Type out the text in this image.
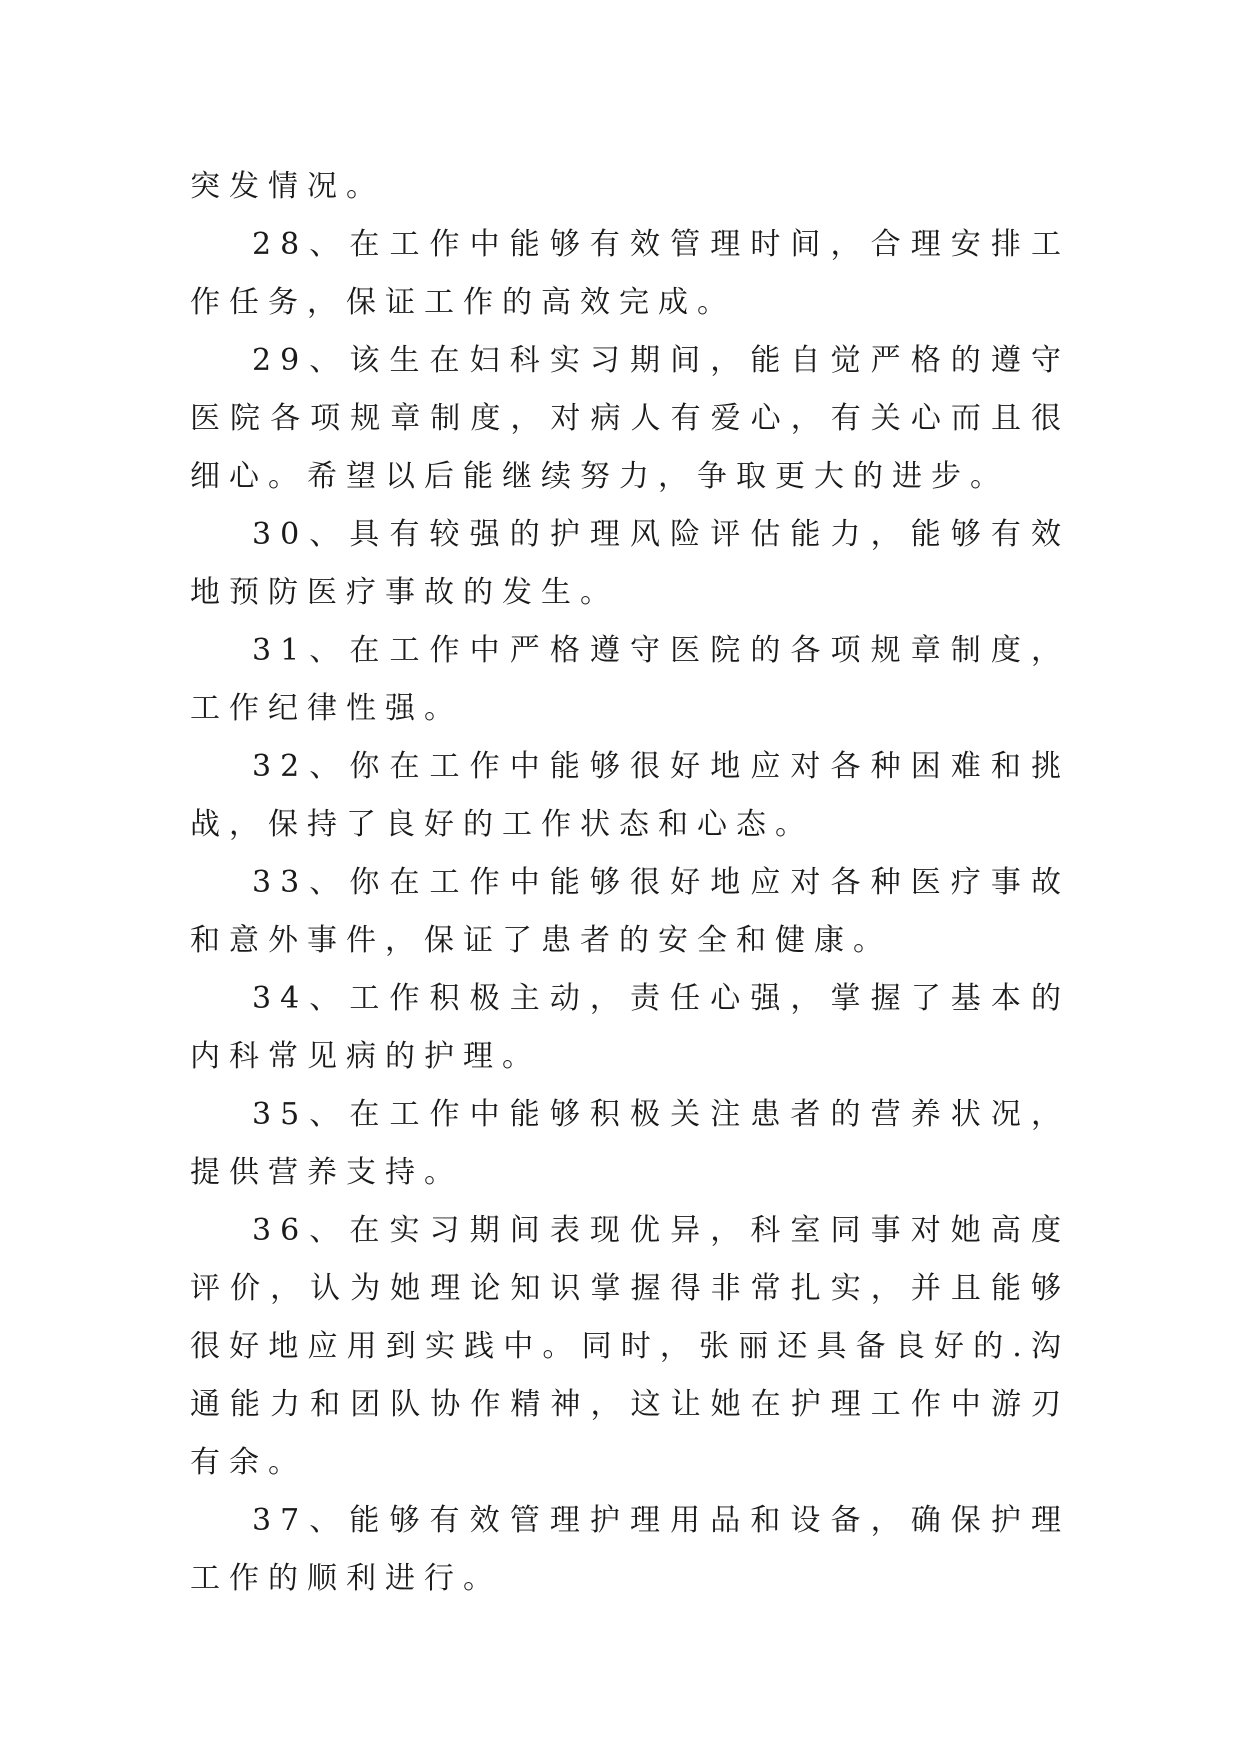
突发情况。

28、在工作中能够有效管理时间，合理安排工作任务，保证工作的高效完成。

29、该生在妇科实习期间，能自觉严格的遵守医院各项规章制度，对病人有爱心，有关心而且很细心。希望以后能继续努力，争取更大的进步。

30、具有较强的护理风险评估能力，能够有效地预防医疗事故的发生。

31、在工作中严格遵守医院的各项规章制度，工作纪律性强。

32、你在工作中能够很好地应对各种困难和挑战，保持了良好的工作状态和心态。

33、你在工作中能够很好地应对各种医疗事故和意外事件，保证了患者的安全和健康。

34、工作积极主动，责任心强，掌握了基本的内科常见病的护理。

35、在工作中能够积极关注患者的营养状况，提供营养支持。

36、在实习期间表现优异，科室同事对她高度评价，认为她理论知识掌握得非常扎实，并且能够很好地应用到实践中。同时，张丽还具备良好的.沟通能力和团队协作精神，这让她在护理工作中游刃有余。

37、能够有效管理护理用品和设备，确保护理工作的顺利进行。
